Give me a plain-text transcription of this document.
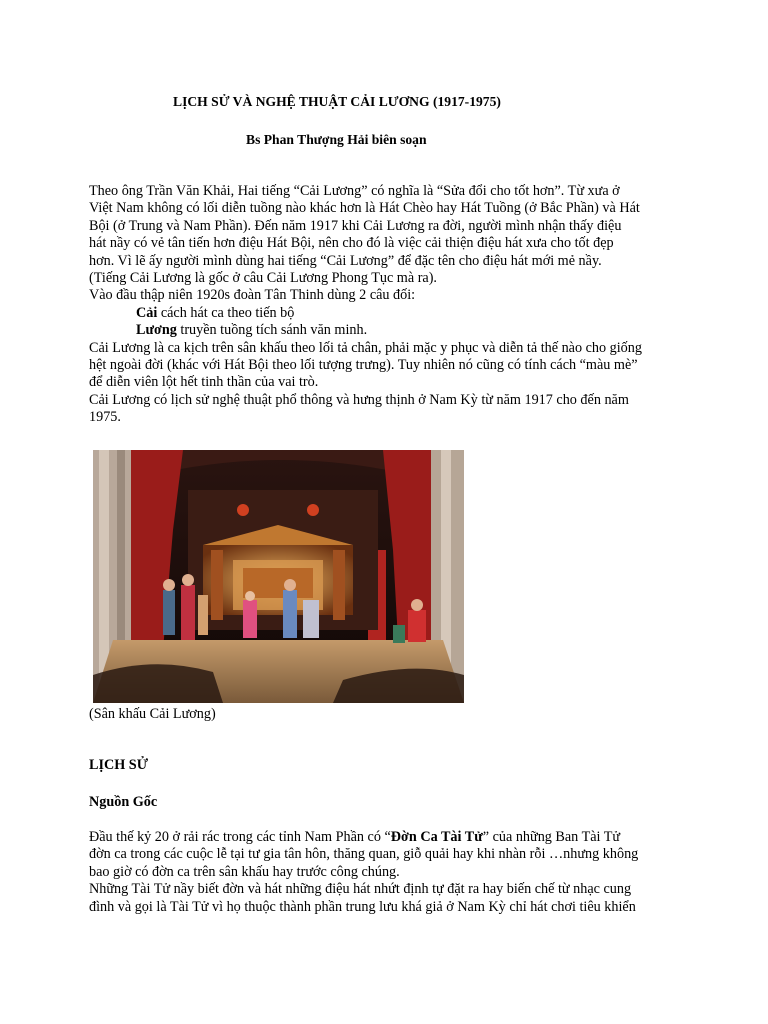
LỊCH SỬ VÀ NGHỆ THUẬT CẢI LƯƠNG (1917-1975)
Bs Phan Thượng Hải biên soạn
Theo ông Trần Văn Khải, Hai tiếng “Cải Lương” có nghĩa là “Sửa đổi cho tốt hơn”. Từ xưa ở
Việt Nam không có lối diễn tuồng nào khác hơn là Hát Chèo hay Hát Tuồng (ở Bắc Phần) và Hát
Bội (ở Trung và Nam Phần). Đến năm 1917 khi Cải Lương ra đời, người mình nhận thấy điệu
hát nầy có vẻ tân tiến hơn điệu Hát Bội, nên cho đó là việc cải thiện điệu hát xưa cho tốt đẹp
hơn. Vì lẽ ấy người mình dùng hai tiếng “Cải Lương” để đặc tên cho điệu hát mới mẻ nầy.
(Tiếng Cải Lương là gốc ở câu Cải Lương Phong Tục mà ra).
Vào đầu thập niên 1920s đoàn Tân Thinh dùng 2 câu đối:
Cải cách hát ca theo tiến bộ
Lương truyền tuồng tích sánh văn minh.
Cải Lương là ca kịch trên sân khấu theo lối tả chân, phải mặc y phục và diễn tả thế nào cho giống
hệt ngoài đời (khác với Hát Bội theo lối tượng trưng). Tuy nhiên nó cũng có tính cách “màu mè”
để diễn viên lột hết tinh thần của vai trò.
Cải Lương có lịch sử nghệ thuật phổ thông và hưng thịnh ở Nam Kỳ từ năm 1917 cho đến năm
1975.
(Sân khấu Cải Lương)
LỊCH SỬ
Nguồn Gốc
Đầu thế kỷ 20 ở rải rác trong các tỉnh Nam Phần có “Đờn Ca Tài Tử” của những Ban Tài Tử
đờn ca trong các cuộc lễ tại tư gia tân hôn, thăng quan, giỗ quải hay khi nhàn rỗi …nhưng không
bao giờ có đờn ca trên sân khấu hay trước công chúng.
Những Tài Tử nầy biết đờn và hát những điệu hát nhứt định tự đặt ra hay biến chế từ nhạc cung
đình và gọi là Tài Tử vì họ thuộc thành phần trung lưu khá giả ở Nam Kỳ chỉ hát chơi tiêu khiển
